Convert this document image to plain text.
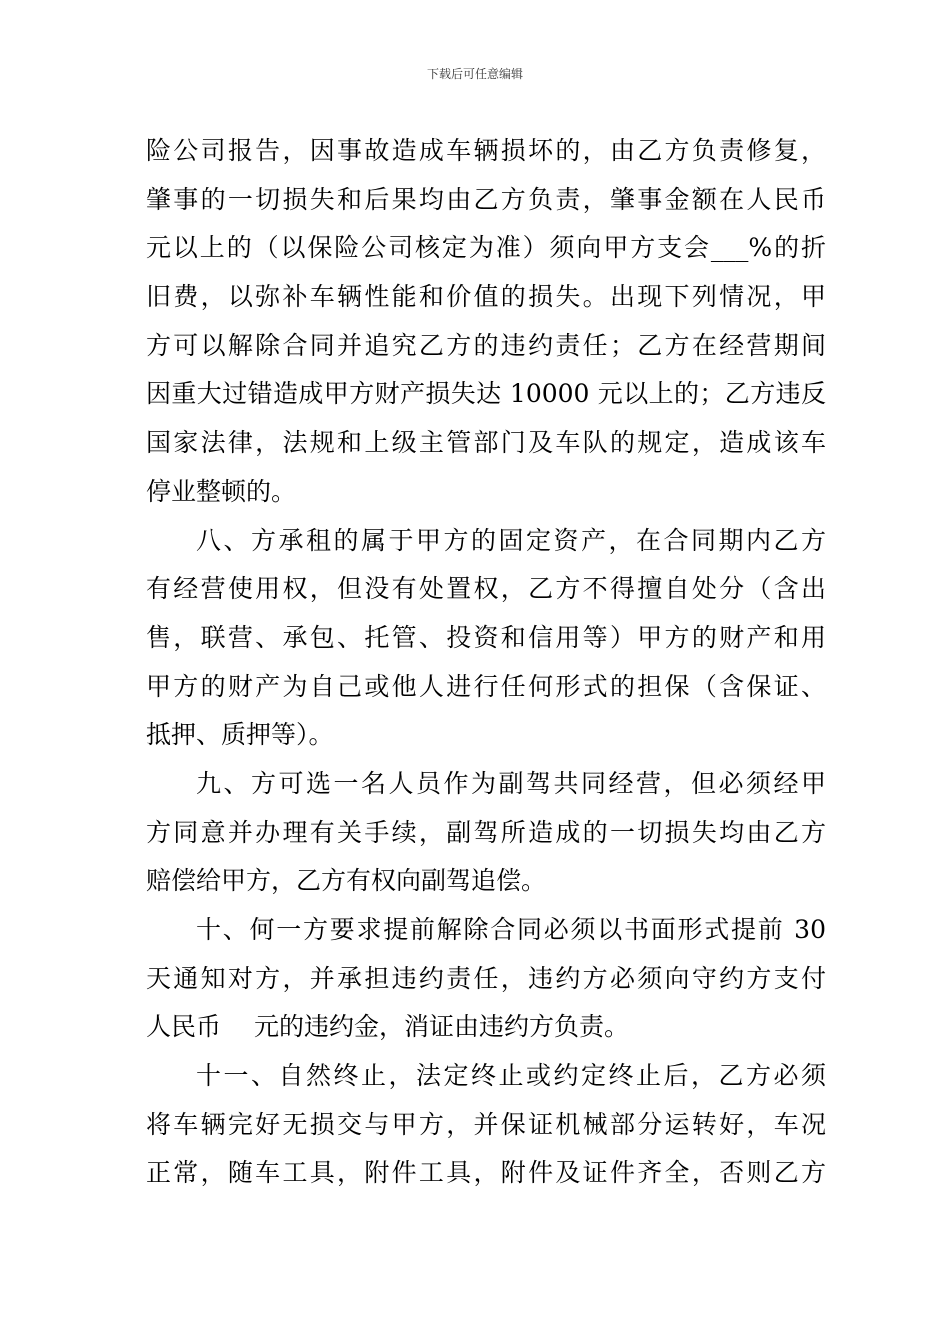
下载后可任意编辑
险公司报告，因事故造成车辆损坏的，由乙方负责修复，
肇事的一切损失和后果均由乙方负责，肇事金额在人民币
元以上的（以保险公司核定为准）须向甲方支会___%的折
旧费，以弥补车辆性能和价值的损失。出现下列情况，甲
方可以解除合同并追究乙方的违约责任；乙方在经营期间
因重大过错造成甲方财产损失达 10000 元以上的；乙方违反
国家法律，法规和上级主管部门及车队的规定，造成该车
停业整顿的。
八、方承租的属于甲方的固定资产，在合同期内乙方
有经营使用权，但没有处置权，乙方不得擅自处分（含出
售，联营、承包、托管、投资和信用等）甲方的财产和用
甲方的财产为自己或他人进行任何形式的担保（含保证、
抵押、质押等）。
九、方可选一名人员作为副驾共同经营，但必须经甲
方同意并办理有关手续，副驾所造成的一切损失均由乙方
赔偿给甲方，乙方有权向副驾追偿。
十、何一方要求提前解除合同必须以书面形式提前 30
天通知对方，并承担违约责任，违约方必须向守约方支付
人民币　 元的违约金，消证由违约方负责。
十一、自然终止，法定终止或约定终止后，乙方必须
将车辆完好无损交与甲方，并保证机械部分运转好，车况
正常，随车工具，附件工具，附件及证件齐全，否则乙方
